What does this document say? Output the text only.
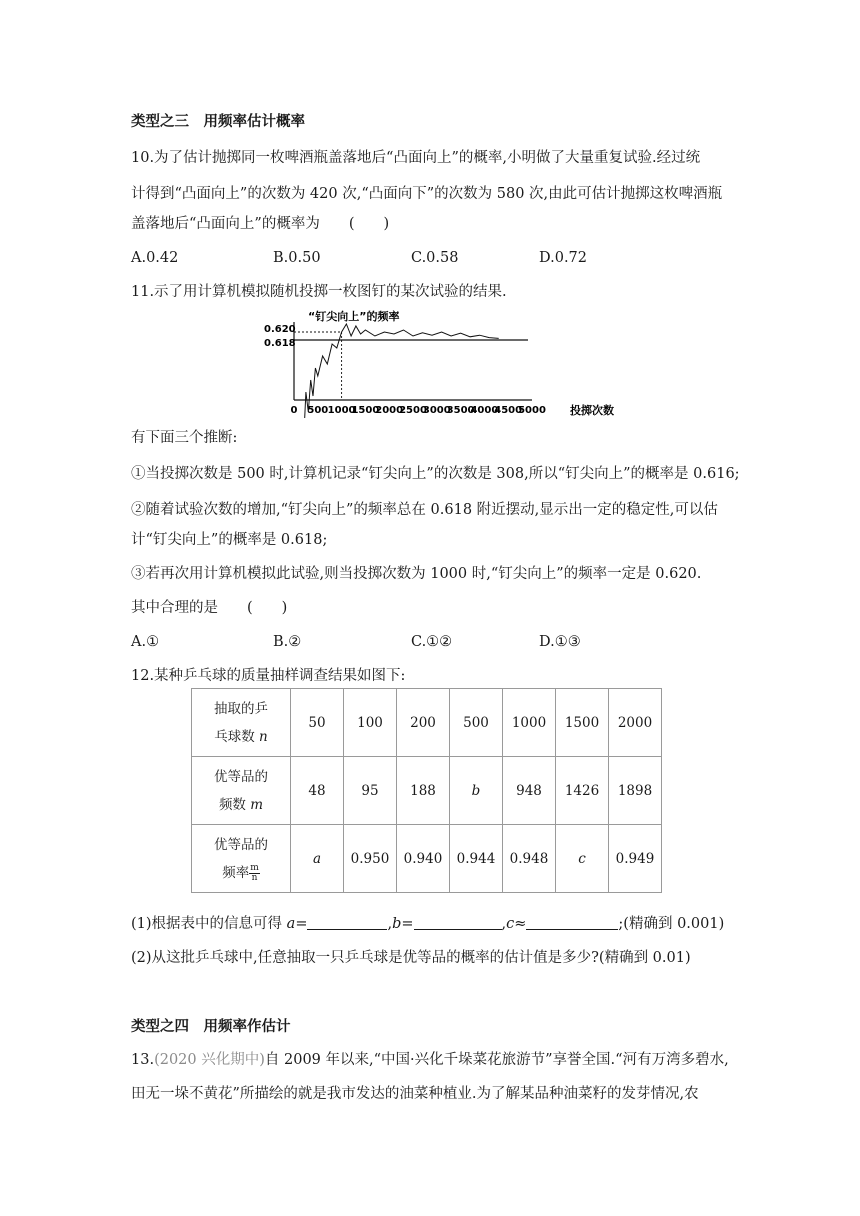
类型之三　用频率估计概率
10.为了估计抛掷同一枚啤酒瓶盖落地后“凸面向上”的概率,小明做了大量重复试验.经过统
计得到“凸面向上”的次数为 420 次,“凸面向下”的次数为 580 次,由此可估计抛掷这枚啤酒瓶
盖落地后“凸面向上”的概率为　　(　　)
A.0.42	B.0.50	C.0.58	D.0.72
11.示了用计算机模拟随机投掷一枚图钉的某次试验的结果.
“钉尖向上”的频率
0.618
0.620
0 500 1000
1500
2000
2500
3000
3500
4000
4500
5000 投掷次数
有下面三个推断:
①当投掷次数是 500 时,计算机记录“钉尖向上”的次数是 308,所以“钉尖向上”的概率是 0.616;
②随着试验次数的增加,“钉尖向上”的频率总在 0.618 附近摆动,显示出一定的稳定性,可以估
计“钉尖向上”的概率是 0.618;
③若再次用计算机模拟此试验,则当投掷次数为 1000 时,“钉尖向上”的频率一定是 0.620.
其中合理的是　　(　　)
A.①	B.②	C.①②	D.①③
12.某种乒乓球的质量抽样调查结果如图下:
抽取的乒
乓球数 n	50	100	200	500	1000	1500	2000

优等品的
频数 m	48	95	188	b	948	1426	1898

优等品的
频率 $\frac{m}{n}$	a	0.950	0.940	0.944	0.948	c	0.949
(1)根据表中的信息可得 a=	,b=	,c≈	;(精确到 0.001)
(2)从这批乒乓球中,任意抽取一只乒乓球是优等品的概率的估计值是多少?(精确到 0.01)
类型之四　用频率作估计
13.(2020 兴化期中)自 2009 年以来,“中国·兴化千垛菜花旅游节”享誉全国.“河有万湾多碧水,
田无一垛不黄花”所描绘的就是我市发达的油菜种植业.为了解某品种油菜籽的发芽情况,农
